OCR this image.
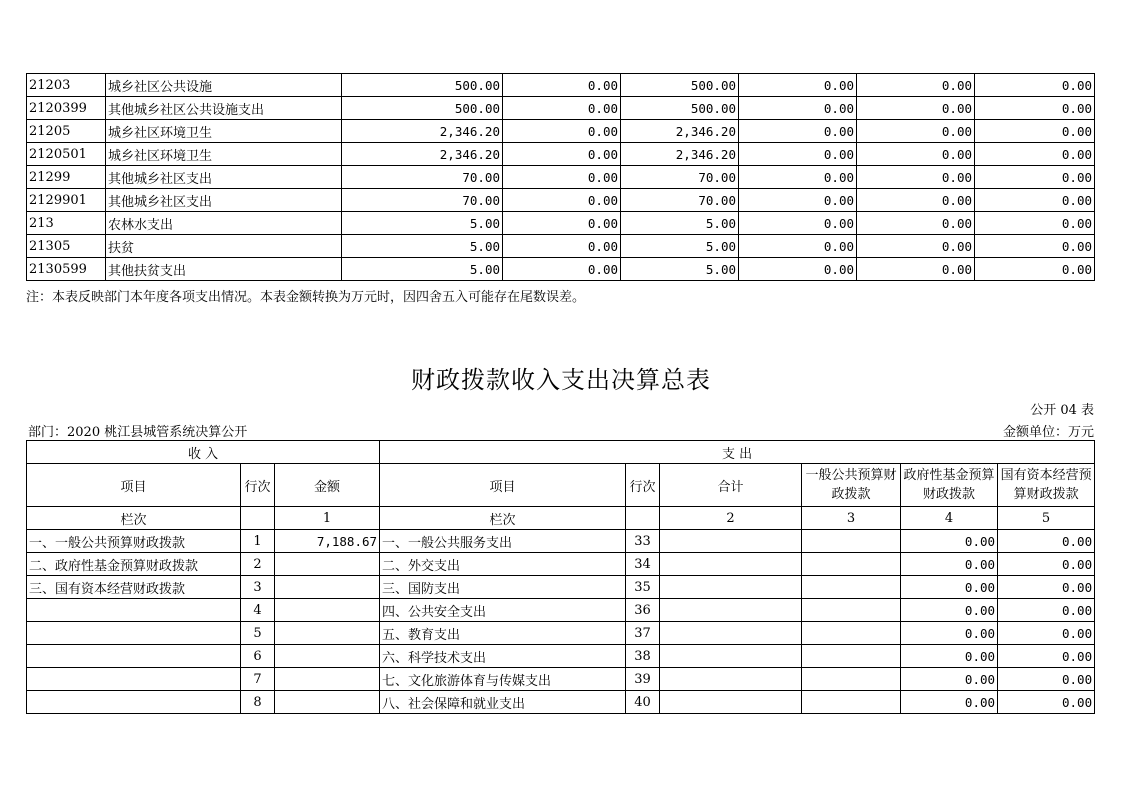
21203	城乡社区公共设施	500.00	0.00	500.00	0.00	0.00	0.00
2120399	其他城乡社区公共设施支出	500.00	0.00	500.00	0.00	0.00	0.00
21205	城乡社区环境卫生	2,346.20	0.00	2,346.20	0.00	0.00	0.00
2120501	城乡社区环境卫生	2,346.20	0.00	2,346.20	0.00	0.00	0.00
21299	其他城乡社区支出	70.00	0.00	70.00	0.00	0.00	0.00
2129901	其他城乡社区支出	70.00	0.00	70.00	0.00	0.00	0.00
213	农林水支出	5.00	0.00	5.00	0.00	0.00	0.00
21305	扶贫	5.00	0.00	5.00	0.00	0.00	0.00
2130599	其他扶贫支出	5.00	0.00	5.00	0.00	0.00	0.00
注：本表反映部门本年度各项支出情况。本表金额转换为万元时，因四舍五入可能存在尾数误差。
财政拨款收入支出决算总表
公开 04 表
部门：2020 桃江县城管系统决算公开	金额单位：万元
收 入			支 出					
项目	行次	金额	项目	行次	合计	一般公共预算财政拨款	政府性基金预算财政拨款	国有资本经营预算财政拨款
栏次		1	栏次		2	3	4	5
一、一般公共预算财政拨款	1	7,188.67	一、一般公共服务支出	33			0.00	0.00
二、政府性基金预算财政拨款	2		二、外交支出	34			0.00	0.00
三、国有资本经营财政拨款	3		三、国防支出	35			0.00	0.00
	4		四、公共安全支出	36			0.00	0.00
	5		五、教育支出	37			0.00	0.00
	6		六、科学技术支出	38			0.00	0.00
	7		七、文化旅游体育与传媒支出	39			0.00	0.00
	8		八、社会保障和就业支出	40			0.00	0.00
